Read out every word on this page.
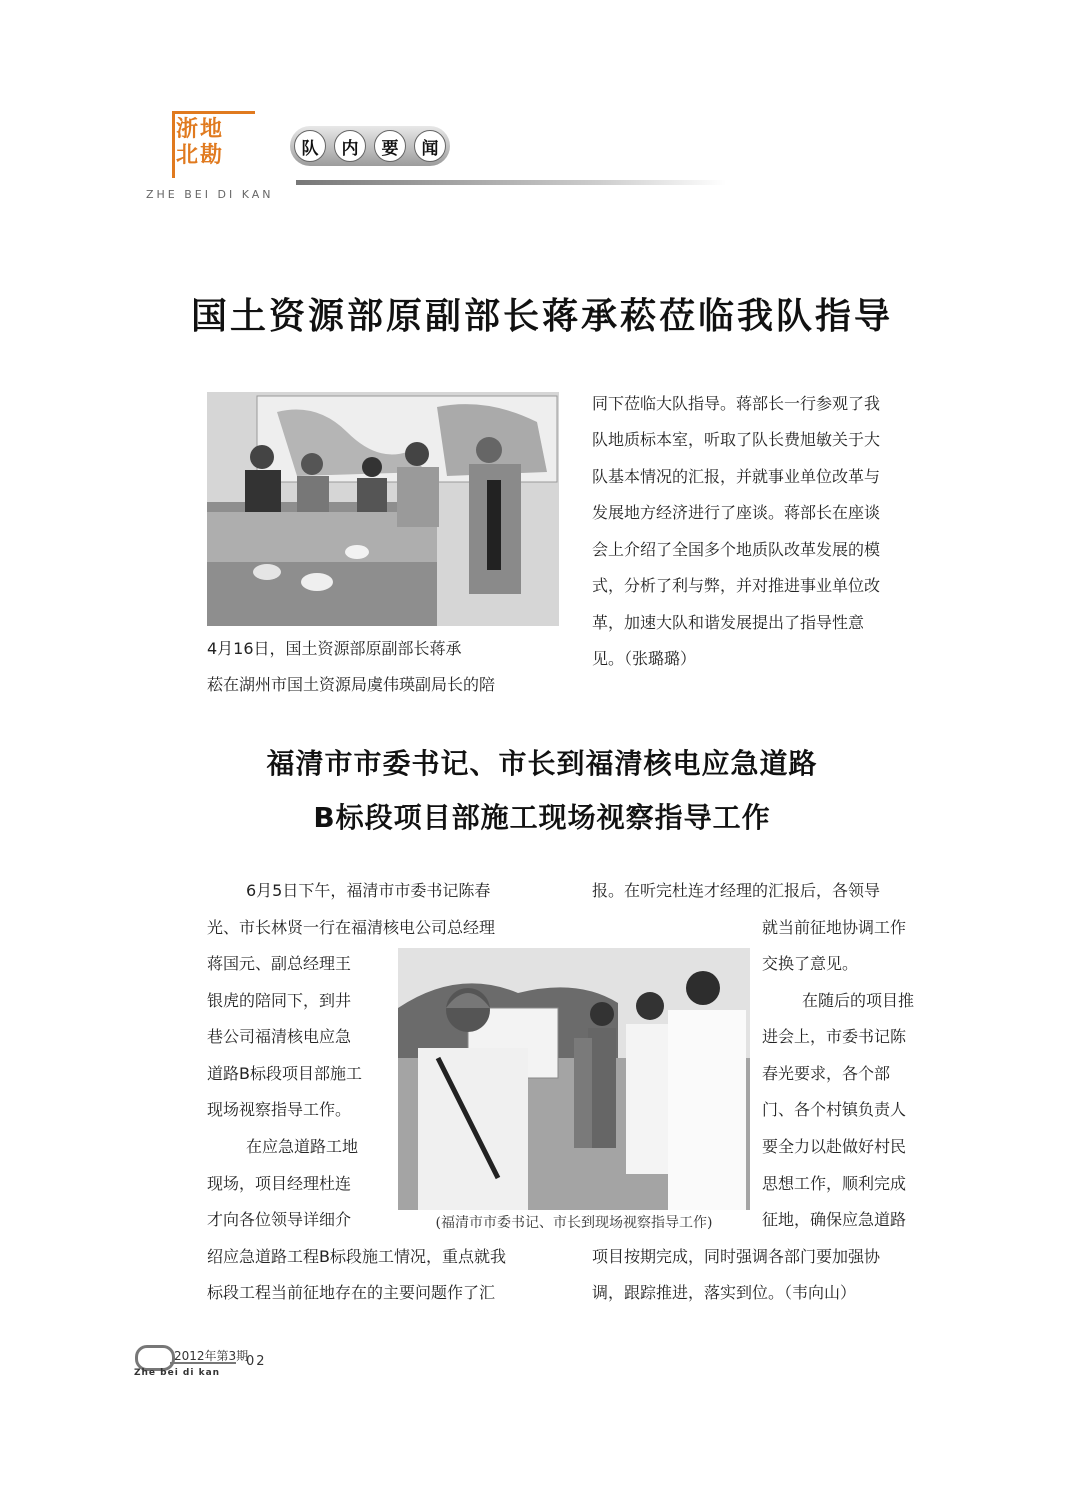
浙地
北勘
ZHE BEI DI KAN
队	内	要	闻
国土资源部原副部长蒋承菘莅临我队指导
4月16日，国土资源部原副部长蒋承
菘在湖州市国土资源局虞伟瑛副局长的陪
同下莅临大队指导。蒋部长一行参观了我
队地质标本室，听取了队长费旭敏关于大
队基本情况的汇报，并就事业单位改革与
发展地方经济进行了座谈。蒋部长在座谈
会上介绍了全国多个地质队改革发展的模
式，分析了利与弊，并对推进事业单位改
革，加速大队和谐发展提出了指导性意
见。（张璐璐）
福清市市委书记、市长到福清核电应急道路
B标段项目部施工现场视察指导工作
6月5日下午，福清市市委书记陈春
光、市长林贤一行在福清核电公司总经理
蒋国元、副总经理王
银虎的陪同下，到井
巷公司福清核电应急
道路B标段项目部施工
现场视察指导工作。
在应急道路工地
现场，项目经理杜连
才向各位领导详细介
绍应急道路工程B标段施工情况，重点就我
标段工程当前征地存在的主要问题作了汇
(福清市市委书记、市长到现场视察指导工作)
报。在听完杜连才经理的汇报后，各领导
就当前征地协调工作
交换了意见。
在随后的项目推
进会上，市委书记陈
春光要求，各个部
门、各个村镇负责人
要全力以赴做好村民
思想工作，顺利完成
征地，确保应急道路
项目按期完成，同时强调各部门要加强协
调，跟踪推进，落实到位。（韦向山）
2012年第3期
02
Zhe bei di kan
